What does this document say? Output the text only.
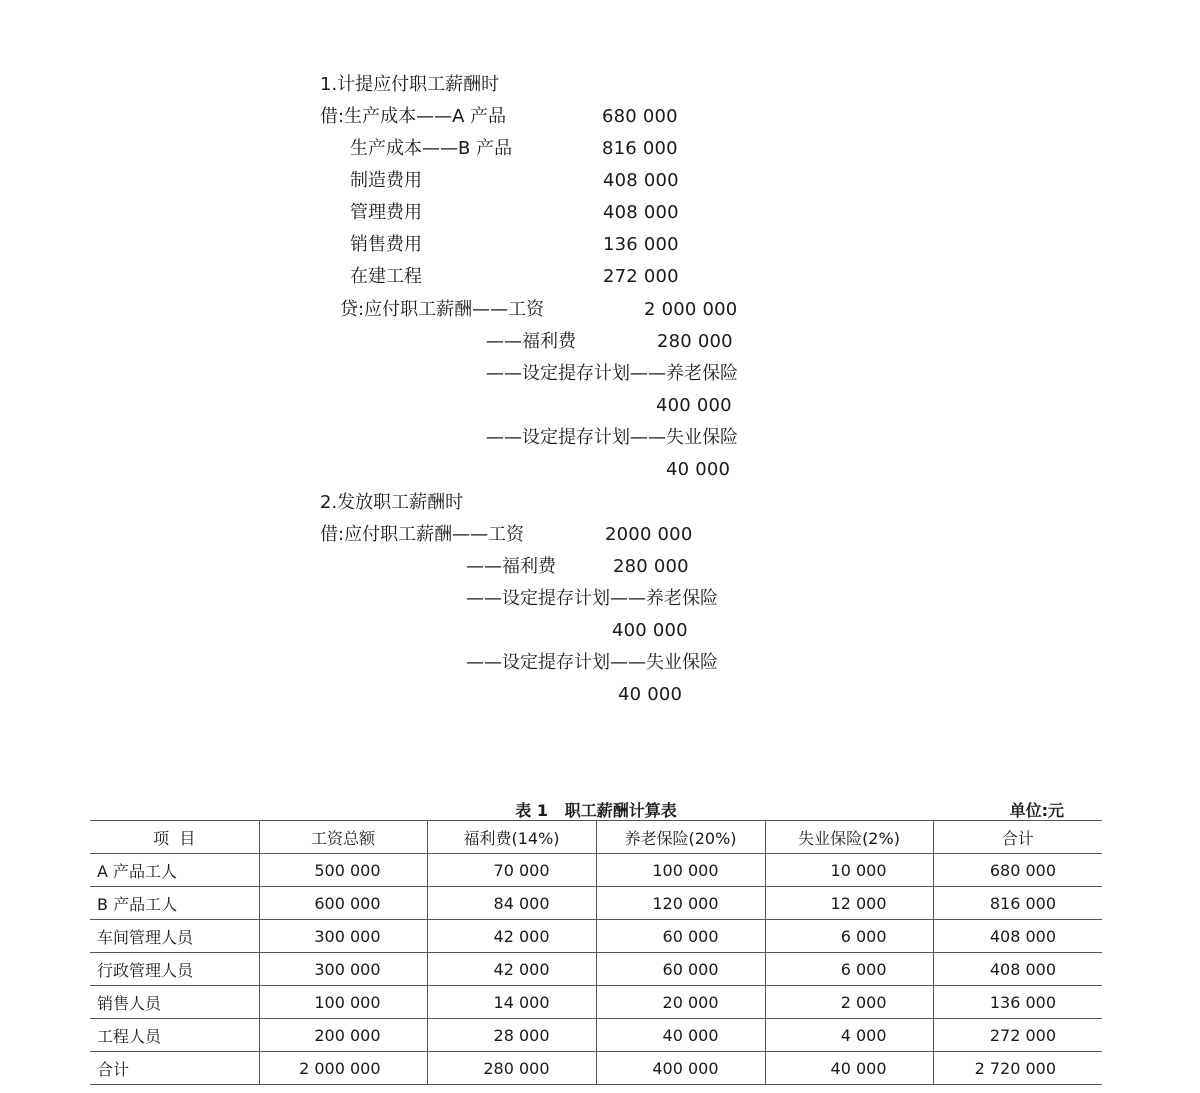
1.计提应付职工薪酬时
借:生产成本——A 产品	680 000
生产成本——B 产品	816 000
制造费用	408 000
管理费用	408 000
销售费用	136 000
在建工程	272 000
贷:应付职工薪酬——工资	2 000 000
——福利费	280 000
——设定提存计划——养老保险
400 000
——设定提存计划——失业保险
40 000
2.发放职工薪酬时
借:应付职工薪酬——工资	2000 000
——福利费	280 000
——设定提存计划——养老保险
400 000
——设定提存计划——失业保险
40 000
表 1   职工薪酬计算表	单位:元
项  目	工资总额	福利费(14%)	养老保险(20%)	失业保险(2%)	合计
A 产品工人	500 000	70 000	100 000	10 000	680 000
B 产品工人	600 000	84 000	120 000	12 000	816 000
车间管理人员	300 000	42 000	60 000	6 000	408 000
行政管理人员	300 000	42 000	60 000	6 000	408 000
销售人员	100 000	14 000	20 000	2 000	136 000
工程人员	200 000	28 000	40 000	4 000	272 000
合计	2 000 000	280 000	400 000	40 000	2 720 000
